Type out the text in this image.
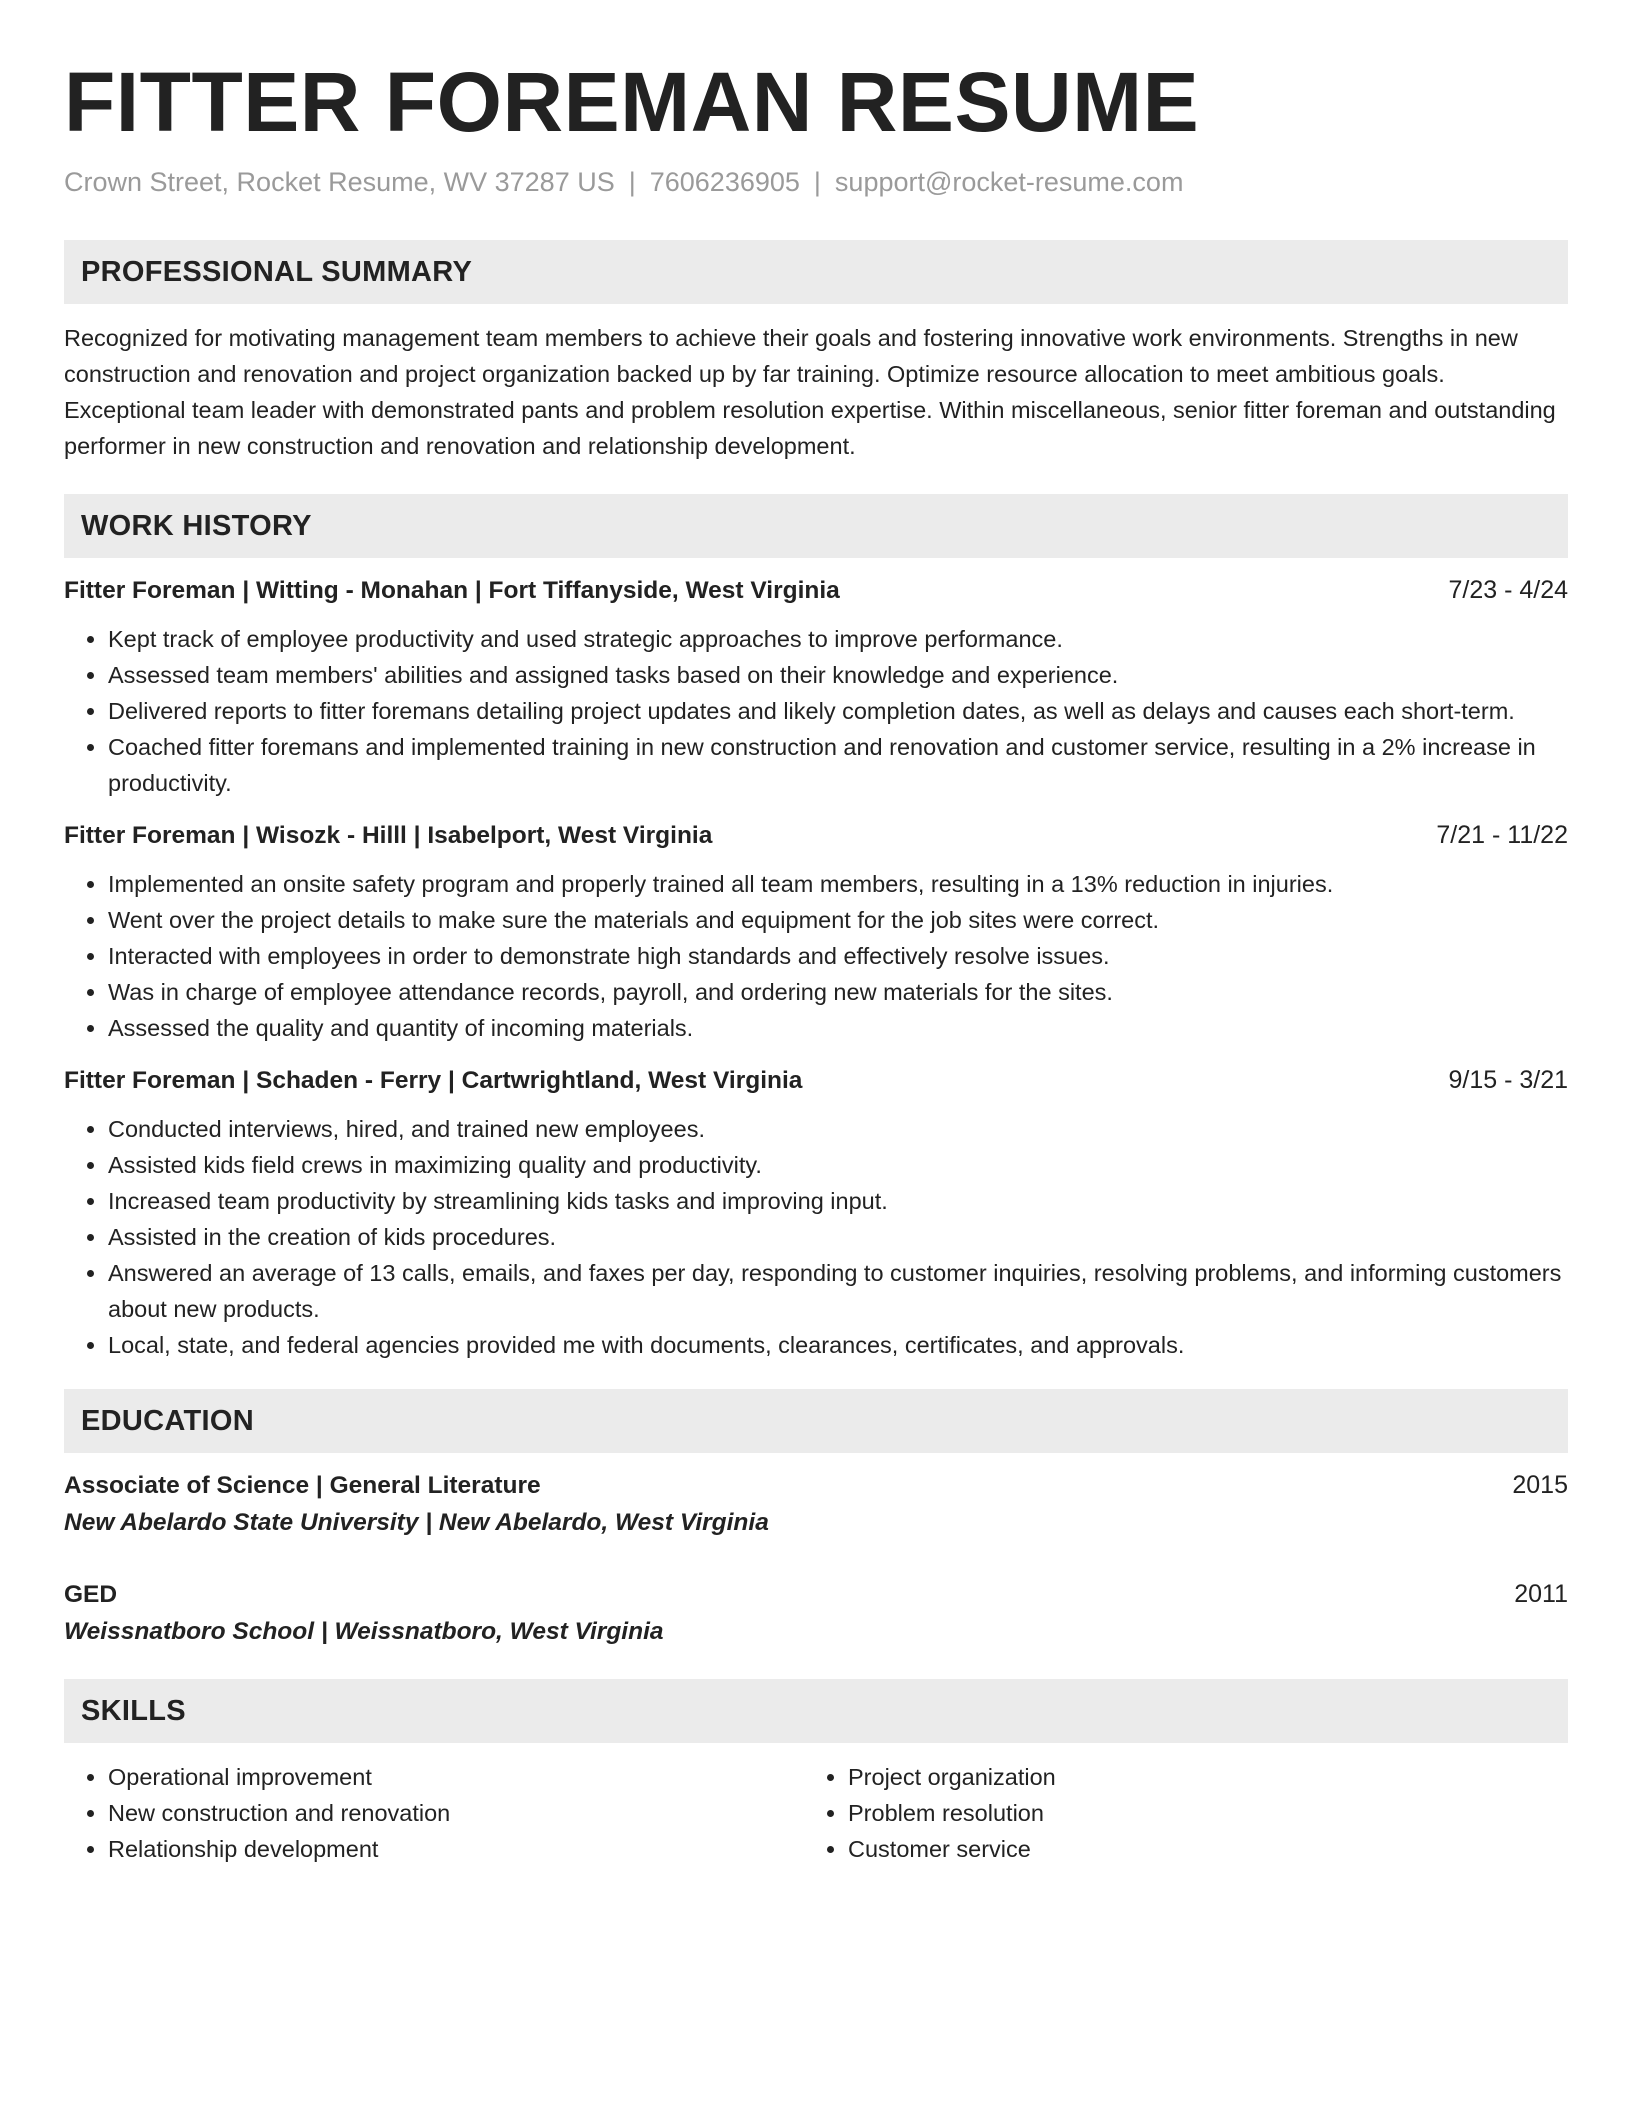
FITTER FOREMAN RESUME
Crown Street, Rocket Resume, WV 37287 US | 7606236905 | support@rocket-resume.com
PROFESSIONAL SUMMARY

Recognized for motivating management team members to achieve their goals and fostering innovative work environments. Strengths in new construction and renovation and project organization backed up by far training. Optimize resource allocation to meet ambitious goals. Exceptional team leader with demonstrated pants and problem resolution expertise. Within miscellaneous, senior fitter foreman and outstanding performer in new construction and renovation and relationship development.

WORK HISTORY
Fitter Foreman | Witting - Monahan | Fort Tiffanyside, West Virginia	7/23 - 4/24
• Kept track of employee productivity and used strategic approaches to improve performance.
• Assessed team members' abilities and assigned tasks based on their knowledge and experience.
• Delivered reports to fitter foremans detailing project updates and likely completion dates, as well as delays and causes each short-term.
• Coached fitter foremans and implemented training in new construction and renovation and customer service, resulting in a 2% increase in productivity.
Fitter Foreman | Wisozk - Hilll | Isabelport, West Virginia	7/21 - 11/22
• Implemented an onsite safety program and properly trained all team members, resulting in a 13% reduction in injuries.
• Went over the project details to make sure the materials and equipment for the job sites were correct.
• Interacted with employees in order to demonstrate high standards and effectively resolve issues.
• Was in charge of employee attendance records, payroll, and ordering new materials for the sites.
• Assessed the quality and quantity of incoming materials.
Fitter Foreman | Schaden - Ferry | Cartwrightland, West Virginia	9/15 - 3/21
• Conducted interviews, hired, and trained new employees.
• Assisted kids field crews in maximizing quality and productivity.
• Increased team productivity by streamlining kids tasks and improving input.
• Assisted in the creation of kids procedures.
• Answered an average of 13 calls, emails, and faxes per day, responding to customer inquiries, resolving problems, and informing customers about new products.
• Local, state, and federal agencies provided me with documents, clearances, certificates, and approvals.
EDUCATION
Associate of Science | General Literature	2015
New Abelardo State University | New Abelardo, West Virginia
GED	2011
Weissnatboro School | Weissnatboro, West Virginia
SKILLS
• Operational improvement
• New construction and renovation
• Relationship development
• Project organization
• Problem resolution
• Customer service
